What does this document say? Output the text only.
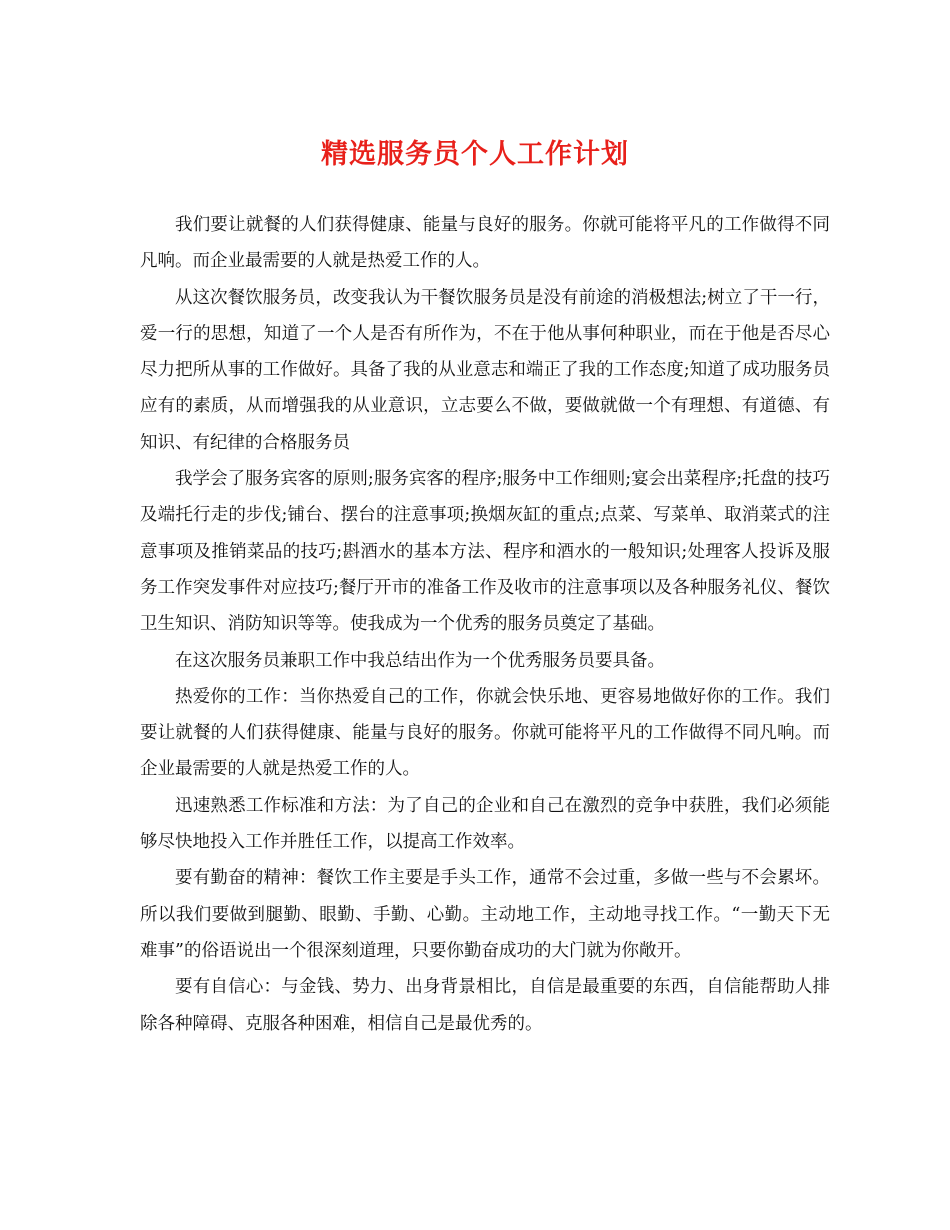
精选服务员个人工作计划

我们要让就餐的人们获得健康、能量与良好的服务。你就可能将平凡的工作做得不同凡响。而企业最需要的人就是热爱工作的人。

从这次餐饮服务员，改变我认为干餐饮服务员是没有前途的消极想法;树立了干一行，爱一行的思想，知道了一个人是否有所作为，不在于他从事何种职业，而在于他是否尽心尽力把所从事的工作做好。具备了我的从业意志和端正了我的工作态度;知道了成功服务员应有的素质，从而增强我的从业意识，立志要么不做，要做就做一个有理想、有道德、有知识、有纪律的合格服务员

我学会了服务宾客的原则;服务宾客的程序;服务中工作细则;宴会出菜程序;托盘的技巧及端托行走的步伐;铺台、摆台的注意事项;换烟灰缸的重点;点菜、写菜单、取消菜式的注意事项及推销菜品的技巧;斟酒水的基本方法、程序和酒水的一般知识;处理客人投诉及服务工作突发事件对应技巧;餐厅开市的准备工作及收市的注意事项以及各种服务礼仪、餐饮卫生知识、消防知识等等。使我成为一个优秀的服务员奠定了基础。

在这次服务员兼职工作中我总结出作为一个优秀服务员要具备。

热爱你的工作：当你热爱自己的工作，你就会快乐地、更容易地做好你的工作。我们要让就餐的人们获得健康、能量与良好的服务。你就可能将平凡的工作做得不同凡响。而企业最需要的人就是热爱工作的人。

迅速熟悉工作标准和方法：为了自己的企业和自己在激烈的竞争中获胜，我们必须能够尽快地投入工作并胜任工作，以提高工作效率。

要有勤奋的精神：餐饮工作主要是手头工作，通常不会过重，多做一些与不会累坏。所以我们要做到腿勤、眼勤、手勤、心勤。主动地工作，主动地寻找工作。“一勤天下无难事”的俗语说出一个很深刻道理，只要你勤奋成功的大门就为你敞开。

要有自信心：与金钱、势力、出身背景相比，自信是最重要的东西，自信能帮助人排除各种障碍、克服各种困难，相信自己是最优秀的。
